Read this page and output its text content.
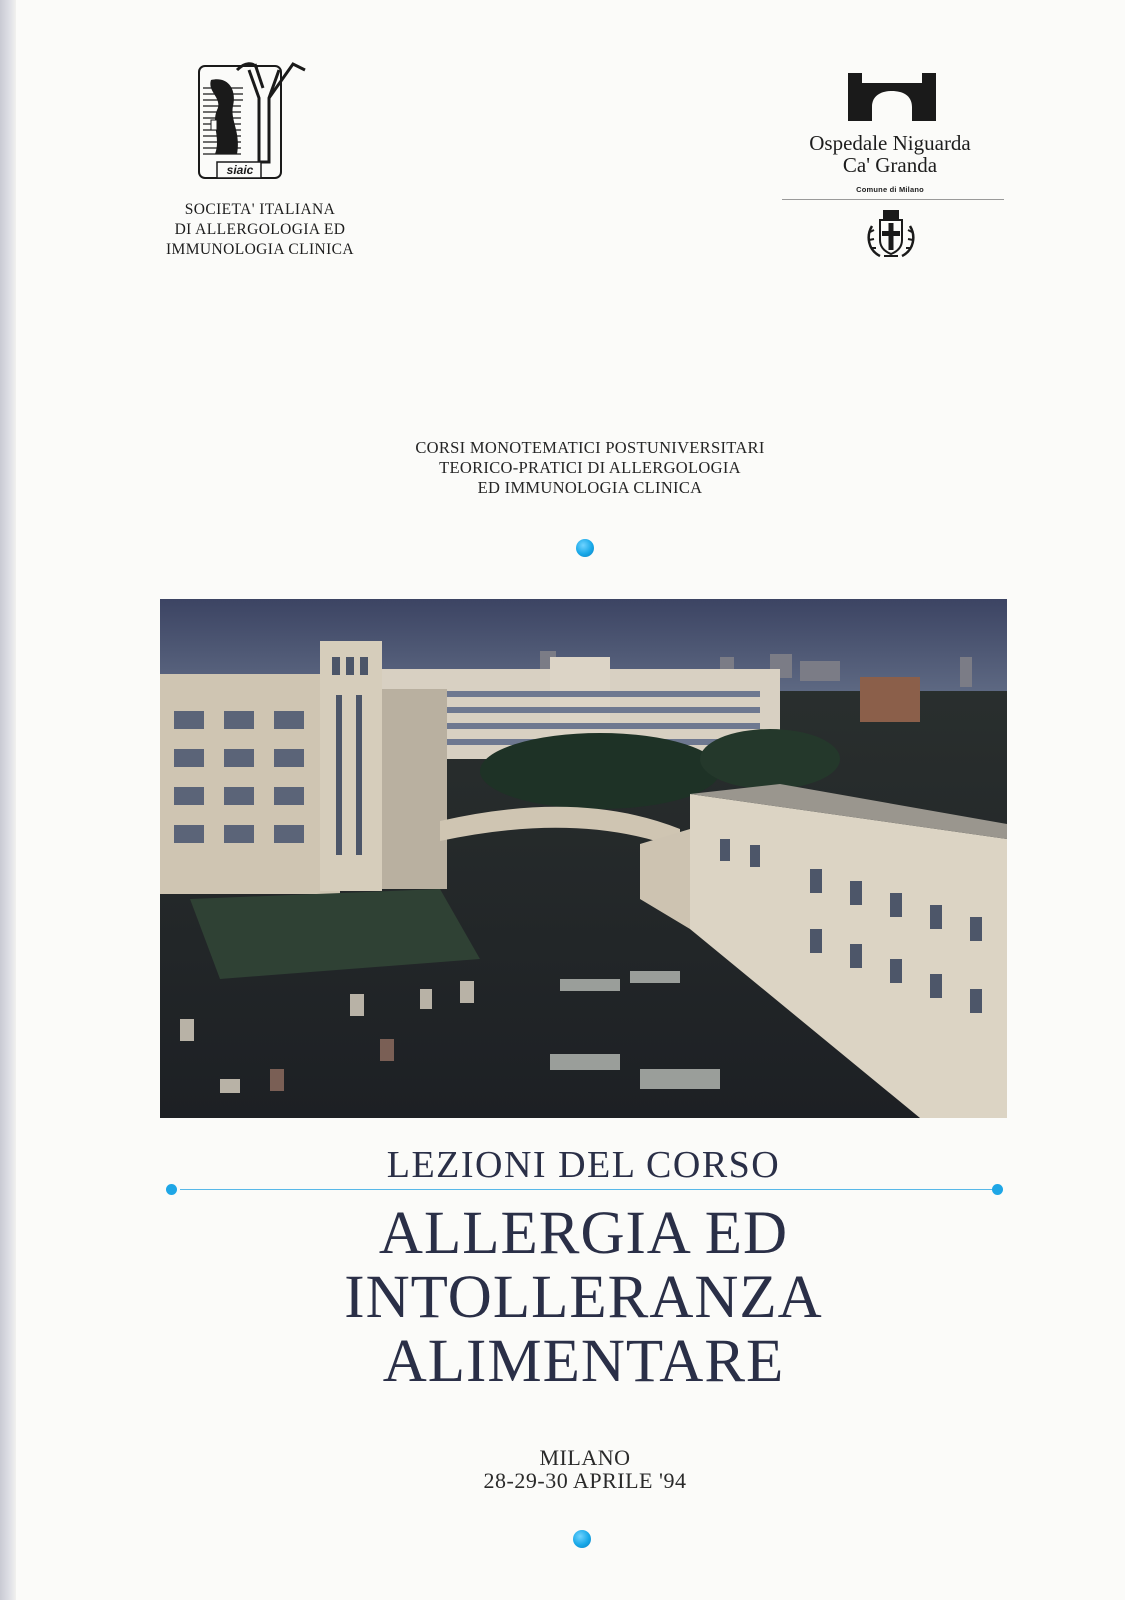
siaic
SOCIETA' ITALIANA
DI ALLERGOLOGIA ED
IMMUNOLOGIA CLINICA
Ospedale Niguarda
Ca' Granda
Comune di Milano
CORSI MONOTEMATICI POSTUNIVERSITARI
TEORICO-PRATICI DI ALLERGOLOGIA
ED IMMUNOLOGIA CLINICA
LEZIONI DEL CORSO
ALLERGIA ED
INTOLLERANZA
ALIMENTARE
MILANO
28-29-30 APRILE '94
